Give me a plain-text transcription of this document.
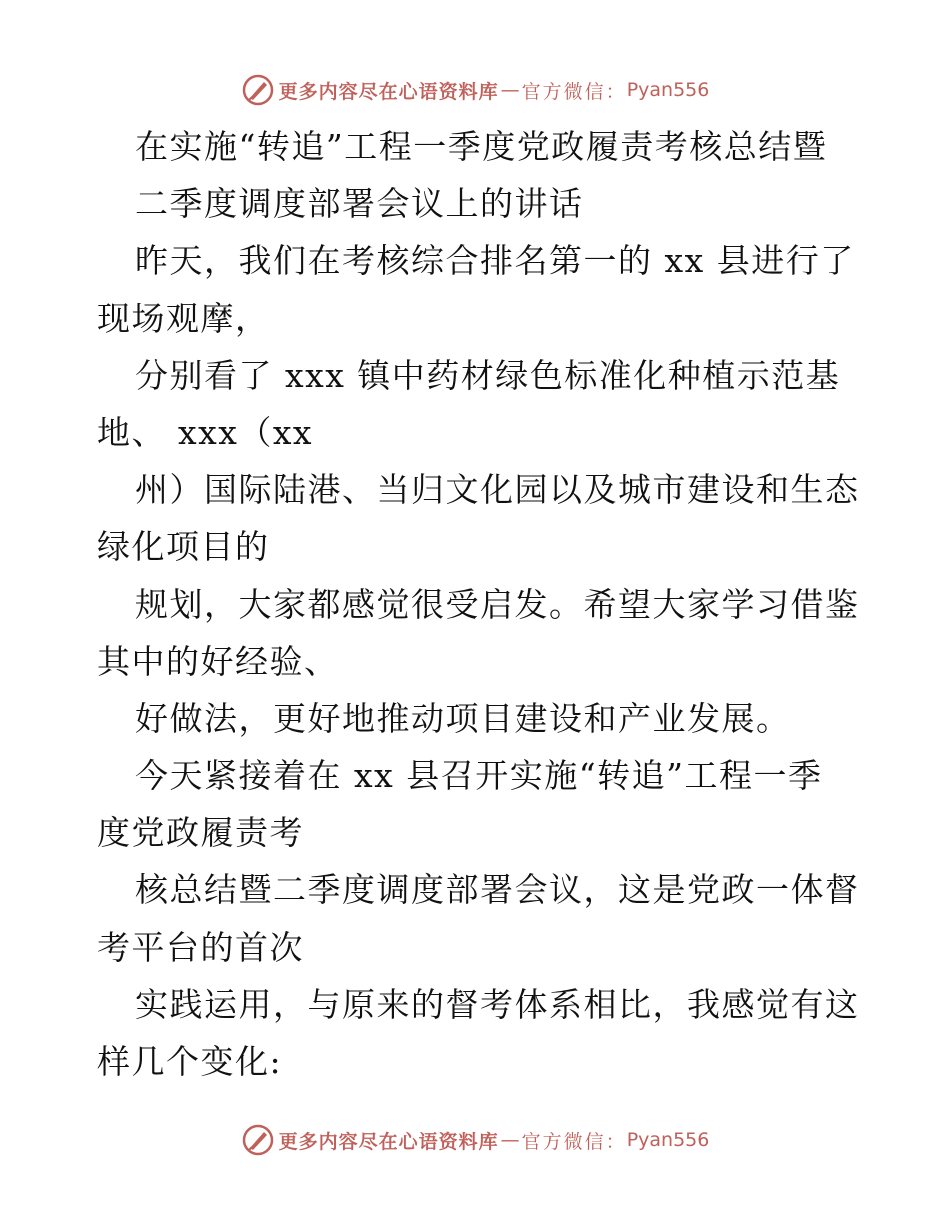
更多内容尽在心语资料库 — 官方微信： Pyan556
在实施“转追”工程一季度党政履责考核总结暨
二季度调度部署会议上的讲话
昨天，我们在考核综合排名第一的 xx 县进行了
现场观摩，
分别看了 xxx 镇中药材绿色标准化种植示范基
地、 xxx（xx
州）国际陆港、当归文化园以及城市建设和生态
绿化项目的
规划，大家都感觉很受启发。希望大家学习借鉴
其中的好经验、
好做法，更好地推动项目建设和产业发展。
今天紧接着在 xx 县召开实施“转追”工程一季
度党政履责考
核总结暨二季度调度部署会议，这是党政一体督
考平台的首次
实践运用，与原来的督考体系相比，我感觉有这
样几个变化:
更多内容尽在心语资料库 — 官方微信： Pyan556
